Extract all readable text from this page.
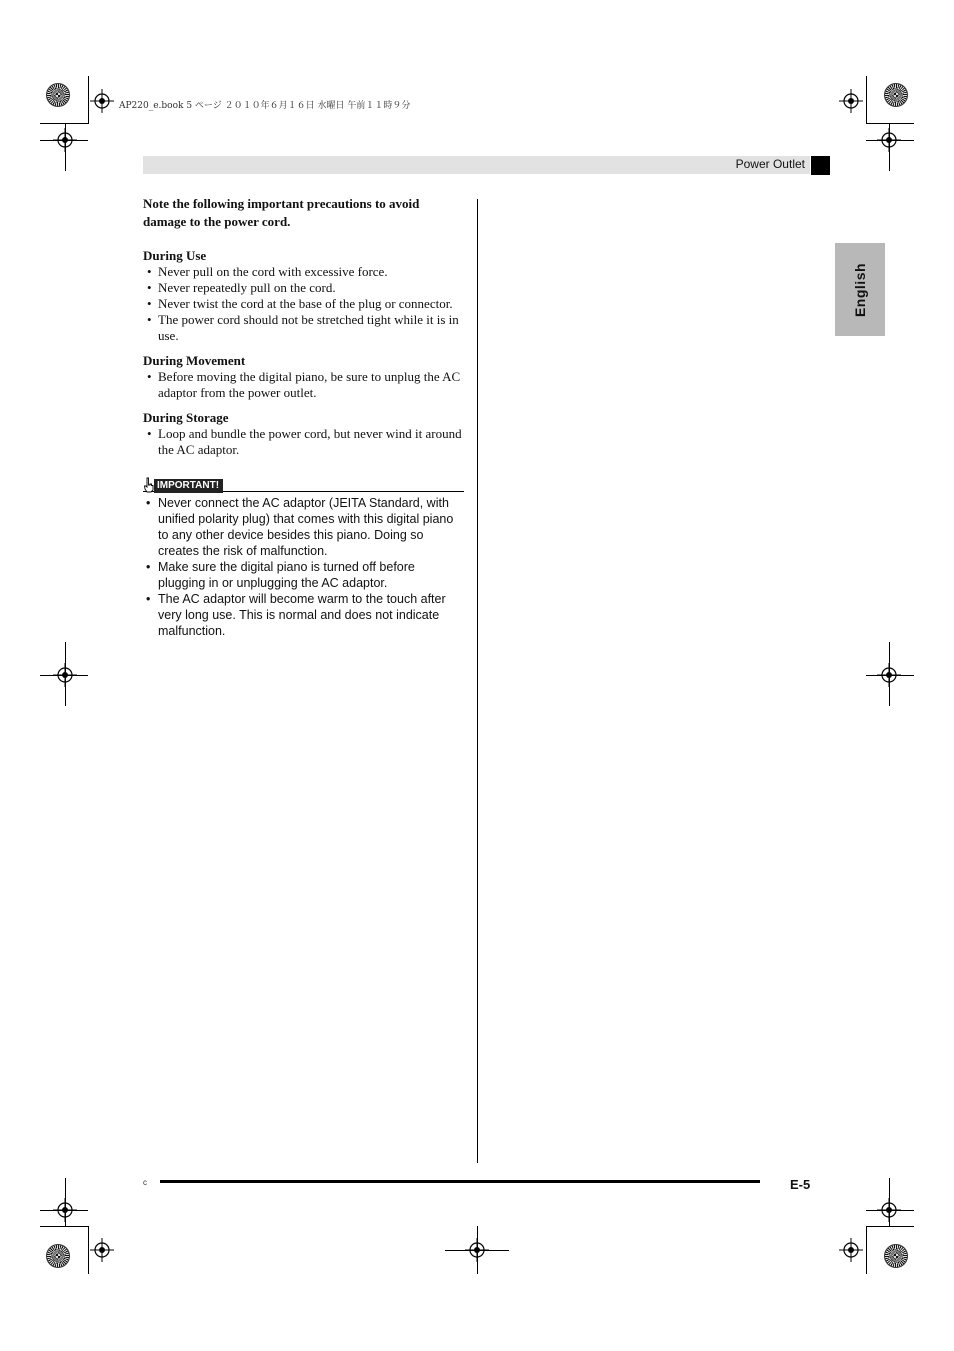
AP220_e.book 5 ページ ２０１０年６月１６日 水曜日 午前１１時９分
Power Outlet
English

Note the following important precautions to avoid damage to the power cord.

During Use

• Never pull on the cord with excessive force.
• Never repeatedly pull on the cord.
• Never twist the cord at the base of the plug or connector.
• The power cord should not be stretched tight while it is in use.

During Movement

• Before moving the digital piano, be sure to unplug the AC adaptor from the power outlet.

During Storage

• Loop and bundle the power cord, but never wind it around the AC adaptor.
IMPORTANT!
• Never connect the AC adaptor (JEITA Standard, with unified polarity plug) that comes with this digital piano to any other device besides this piano. Doing so creates the risk of malfunction.
• Make sure the digital piano is turned off before plugging in or unplugging the AC adaptor.
• The AC adaptor will become warm to the touch after very long use. This is normal and does not indicate malfunction.
c	E-5
